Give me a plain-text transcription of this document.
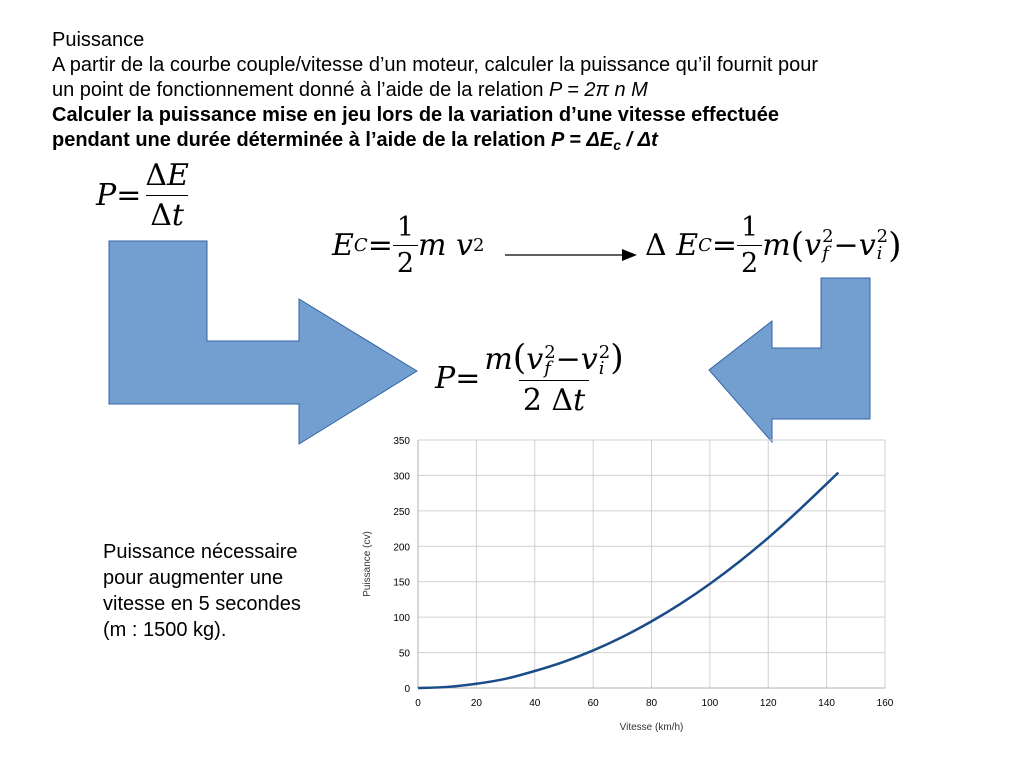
Puissance
A partir de la courbe couple/vitesse d’un moteur, calculer la puissance qu’il fournit pour
un point de fonctionnement donné à l’aide de la relation P = 2π n M
Calculer la puissance mise en jeu lors de la variation d’une vitesse effectuée
pendant une durée déterminée à l’aide de la relation $P = \Delta E_c / \Delta t$
$P = \frac{\Delta E}{\Delta t}$
E $C = \frac{1}{2}$ m
v 2	Δ E $C = \frac{1}{2}$ m ( v 2
f − v 2
i )
P = m(v 2
f −v 2
i )
2 Δt
0
50
100
150
200
250
300
350
0	20	40	60	80	100	120	140	160
Vitesse (km/h)
Puissance (cv)
Puissance nécessaire
pour augmenter une
vitesse en 5 secondes
(m : 1500 kg).
